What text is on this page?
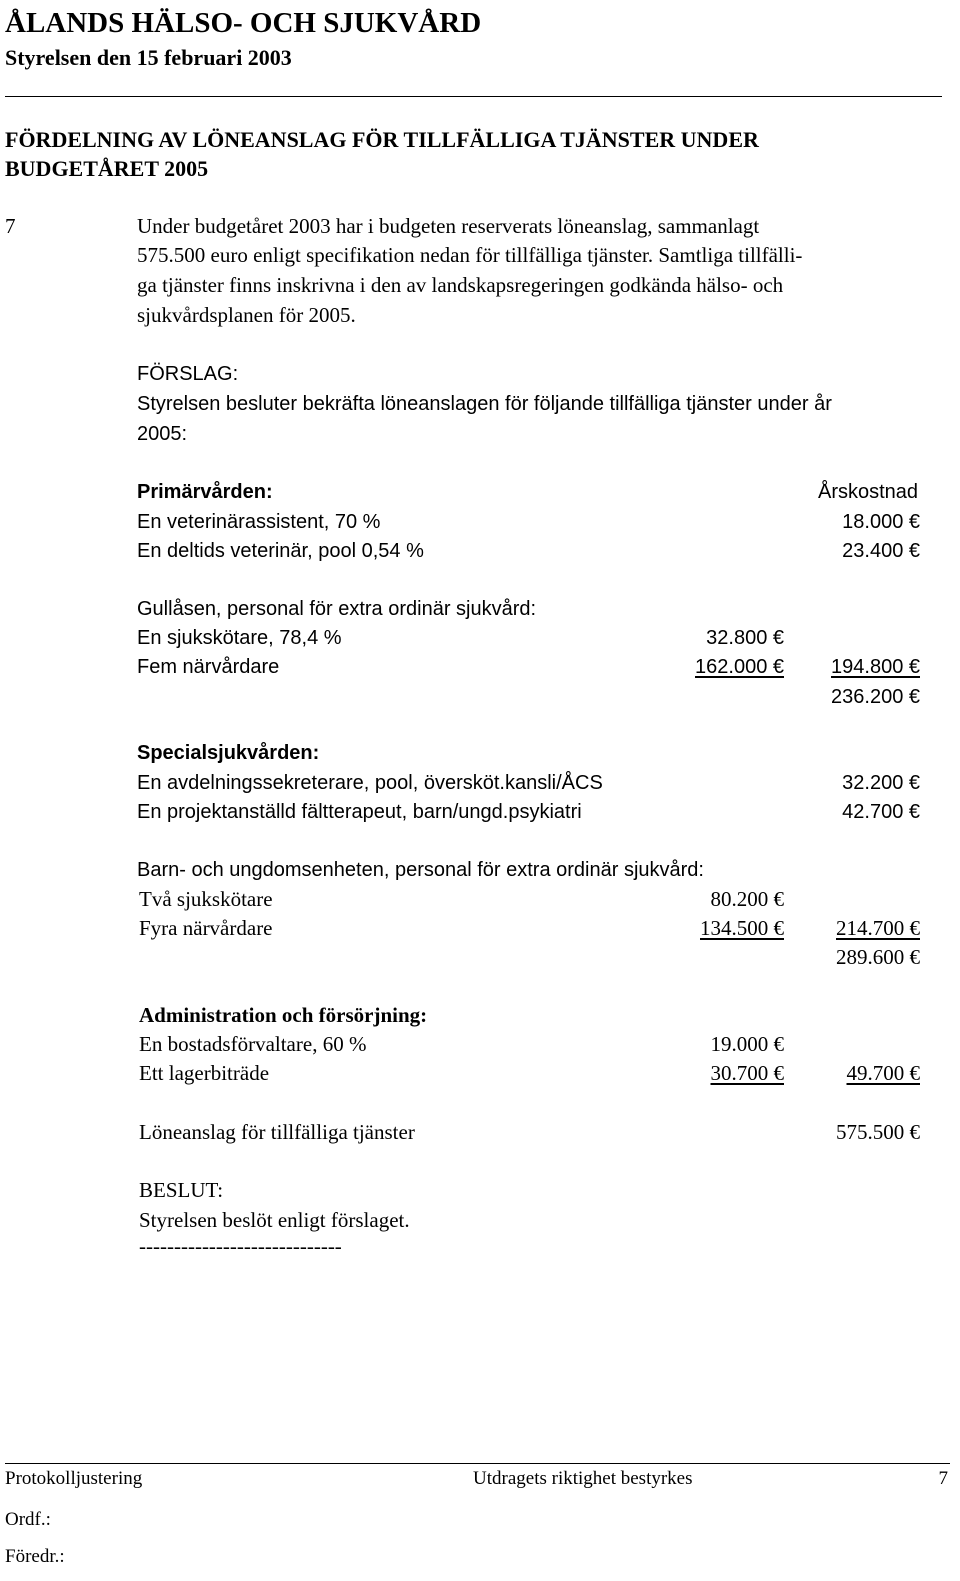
ÅLANDS HÄLSO- OCH SJUKVÅRD
Styrelsen den 15 februari 2003
FÖRDELNING AV LÖNEANSLAG FÖR TILLFÄLLIGA TJÄNSTER UNDER
BUDGETÅRET 2005
7	Under budgetåret 2003 har i budgeten reserverats löneanslag, sammanlagt
575.500 euro enligt specifikation nedan för tillfälliga tjänster. Samtliga tillfälli-
ga tjänster finns inskrivna i den av landskapsregeringen godkända hälso- och
sjukvårdsplanen för 2005.
FÖRSLAG:
Styrelsen besluter bekräfta löneanslagen för följande tillfälliga tjänster under år
2005:
Primärvården:	Årskostnad
En veterinärassistent, 70 %	18.000 €
En deltids veterinär, pool 0,54 %	23.400 €
Gullåsen, personal för extra ordinär sjukvård:
En sjukskötare, 78,4 %	32.800 €
Fem närvårdare	162.000 € 194.800 €
236.200 €
Specialsjukvården:
En avdelningssekreterare, pool, översköt.kansli/ÅCS	32.200 €
En projektanställd fältterapeut, barn/ungd.psykiatri	42.700 €
Barn- och ungdomsenheten, personal för extra ordinär sjukvård:
Två sjukskötare	80.200 €
Fyra närvårdare	134.500 € 214.700 €
289.600 €
Administration och försörjning:
En bostadsförvaltare, 60 %	19.000 €
Ett lagerbiträde	30.700 €	49.700 €
Löneanslag för tillfälliga tjänster	575.500 €
BESLUT:
Styrelsen beslöt enligt förslaget.
-----------------------------
Protokolljustering	Utdragets riktighet bestyrkes	7
Ordf.:
Föredr.:
